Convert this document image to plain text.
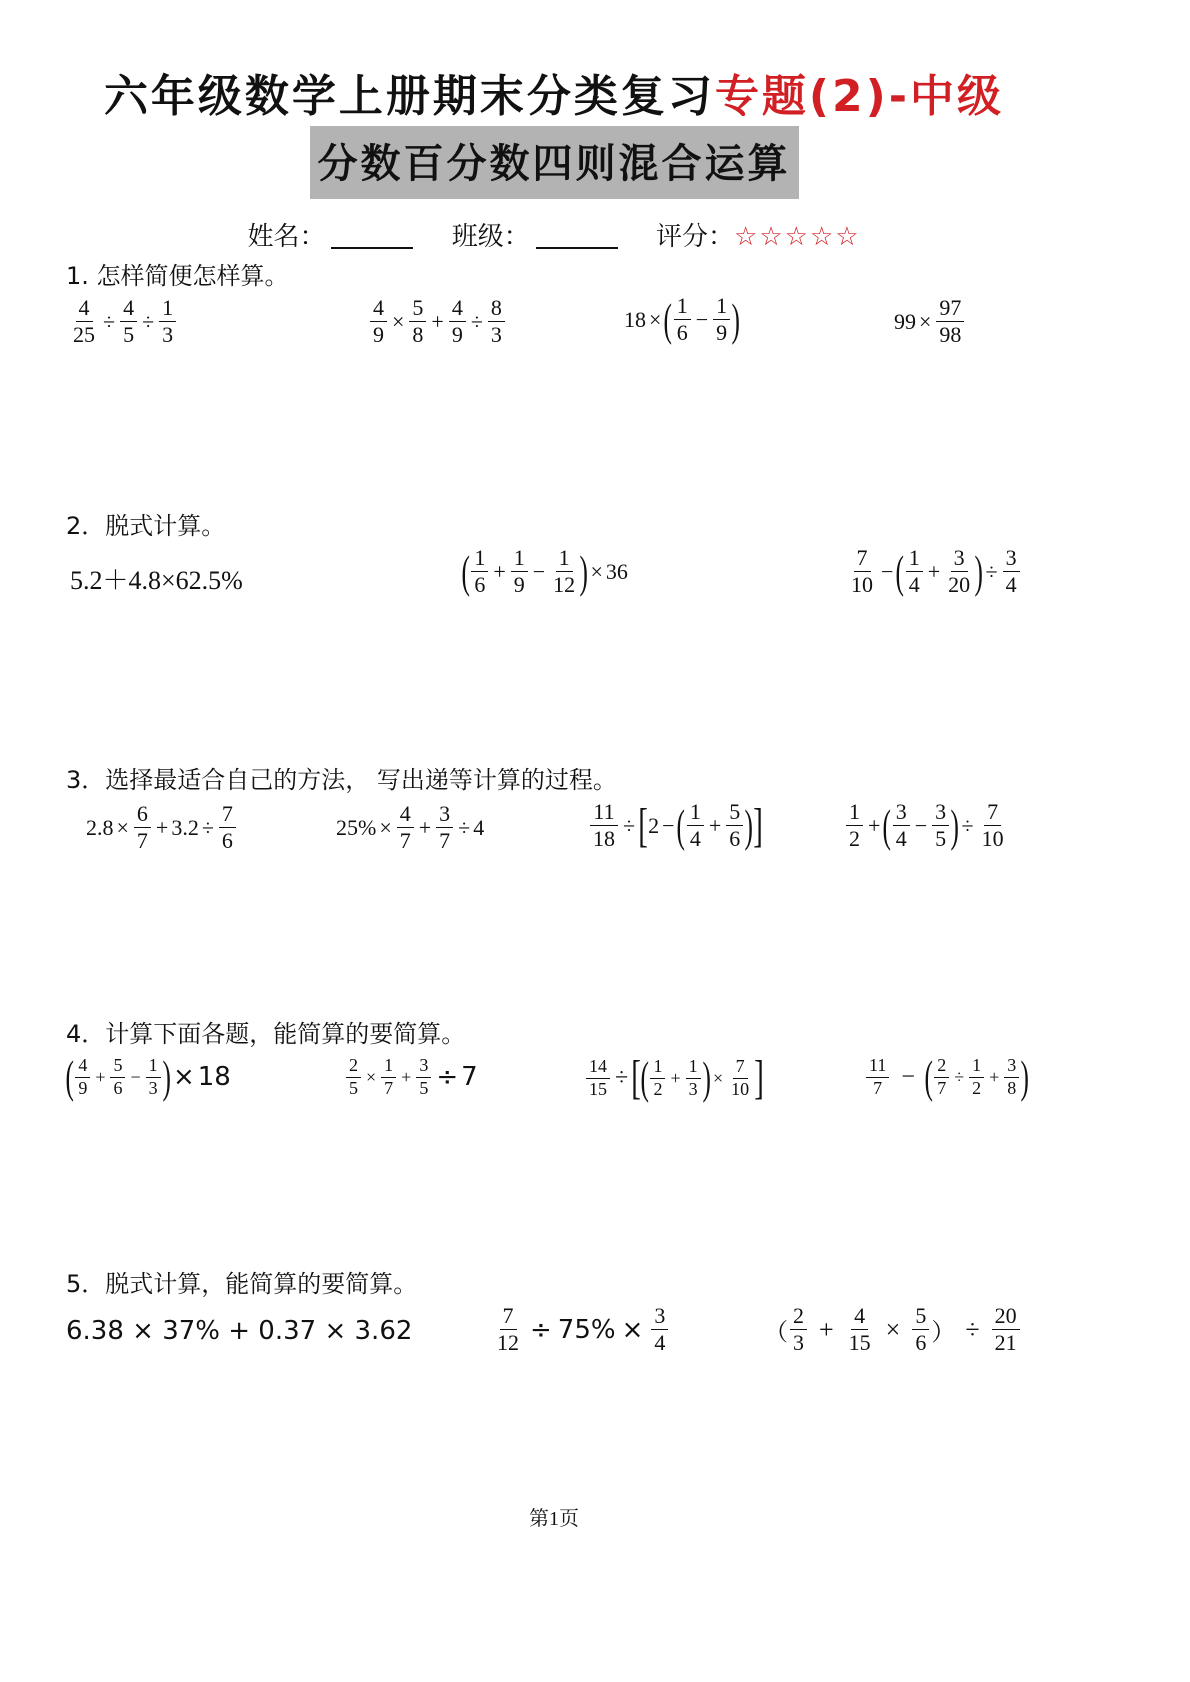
六年级数学上册期末分类复习专题(2)-中级
分数百分数四则混合运算
姓名：	班级：	评分：☆☆☆☆☆
1. 怎样简便怎样算。
$\frac{4}{25} \div \frac{4}{5} \div \frac{1}{3}$	$\frac{4}{9} \times \frac{5}{8} + \frac{4}{9} \div \frac{8}{3}$	18 × ( $\frac{1}{6} - \frac{1}{9}$ )	$99 \times \frac{97}{98}$
2．脱式计算。
5.2＋4.8×62.5%	( $\frac{1}{6} + \frac{1}{9} - \frac{1}{12}$ ) × 36	$\frac{7}{10}$ − ( $\frac{1}{4} + \frac{3}{20}$ ) ÷ $\frac{3}{4}$
3．选择最适合自己的方法， 写出递等计算的过程。
$2.8 \times \frac{6}{7} + 3.2 \div \frac{7}{6}$	$25\% \times \frac{4}{7} + \frac{3}{7} \div 4$	$\frac{11}{18}$ ÷ [ 2 − ( $\frac{1}{4} + \frac{5}{6}$ ) ]	$\frac{1}{2}$ + ( $\frac{3}{4} - \frac{3}{5}$ ) ÷ $\frac{7}{10}$
4．计算下面各题，能简算的要简算。
( $\frac{4}{9} + \frac{5}{6} - \frac{1}{3}$ ) × 18	$\frac{2}{5} \times \frac{1}{7} + \frac{3}{5} \div 7$	$\frac{14}{15}$ ÷ [ ( $\frac{1}{2} + \frac{1}{3}$ ) × $\frac{7}{10}$ ]	$\frac{11}{7}$ − ( $\frac{2}{7} \div \frac{1}{2} + \frac{3}{8}$ )
5．脱式计算，能简算的要简算。
6.38 × 37% + 0.37 × 3.62	$\frac{7}{12} \div 75\% \times \frac{3}{4}$	（ $\frac{2}{3} + \frac{4}{15} \times \frac{5}{6}$ ） ÷ $\frac{20}{21}$
第1页
